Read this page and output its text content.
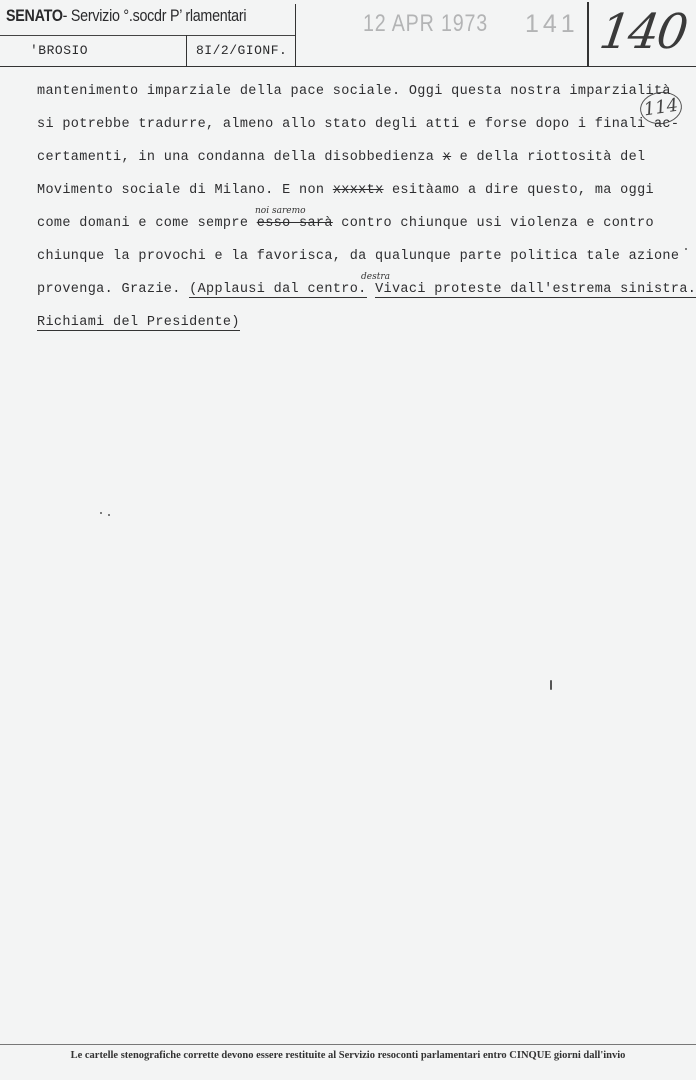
SENATO- Servizio °.socdr P’ rlamentari
'BROSIO	8I/2/GIONF.
12 APR 1973 141 140
114
mantenimento imparziale della pace sociale. Oggi questa nostra imparzialità
si potrebbe tradurre, almeno allo stato degli atti e forse dopo i finali ac-
certamenti, in una condanna della disobbedienza x e della riottosità del
Movimento sociale di Milano. E non xxxxtx esitàamo a dire questo, ma oggi
noi saremo
come domani e come sempre esso sarà contro chiunque usi violenza e contro
chiunque la provochi e la favorisca, da qualunque parte politica tale azione
destra
provenga. Grazie. (Applausi dal centro. Vivaci proteste dall'estrema sinistra.
Richiami del Presidente)
Le cartelle stenografiche corrette devono essere restituite al Servizio resoconti parlamentari entro CINQUE giorni dall'invio
